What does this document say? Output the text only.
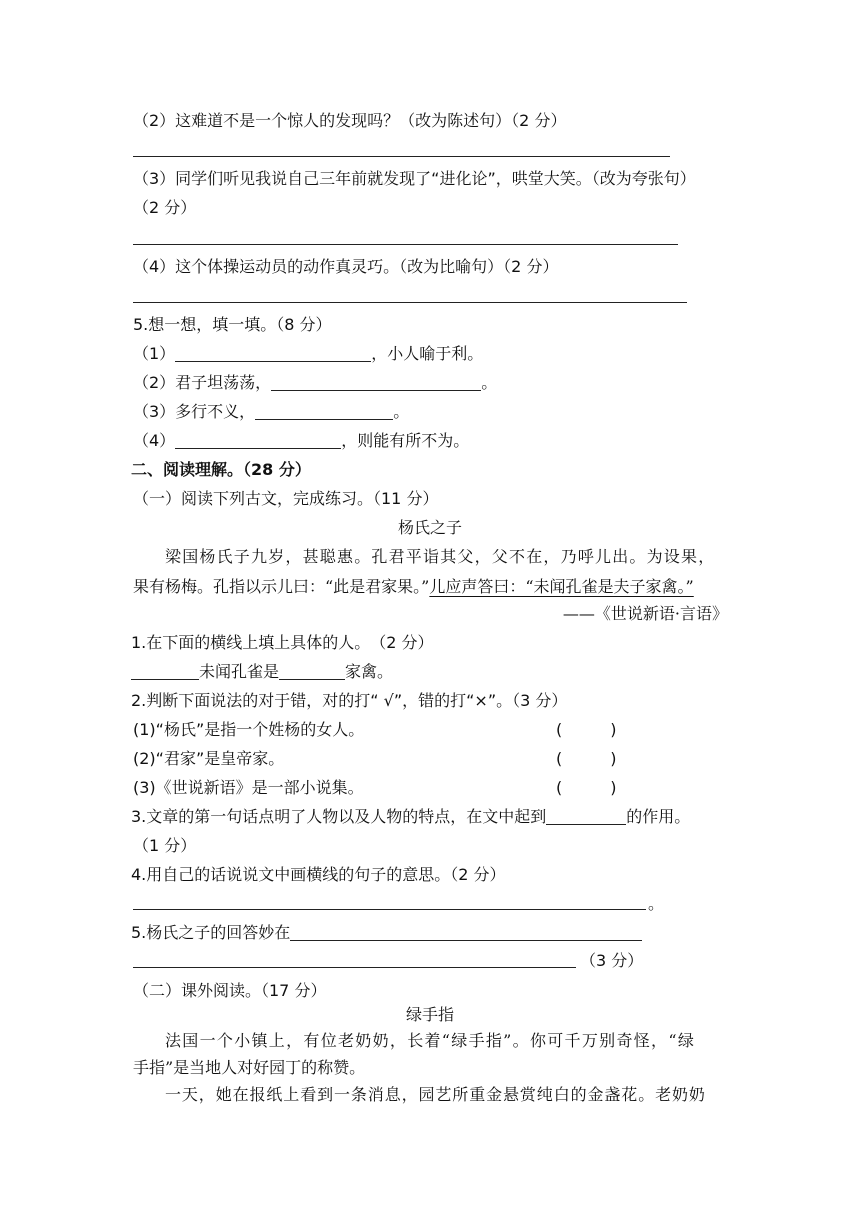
（2）这难道不是一个惊人的发现吗？（改为陈述句）（2 分）
（3）同学们听见我说自己三年前就发现了“进化论”，哄堂大笑。（改为夸张句）
（2 分）
（4）这个体操运动员的动作真灵巧。（改为比喻句）（2 分）
5.想一想，填一填。（8 分）
（1）	，小人喻于利。
（2）君子坦荡荡，	。
（3）多行不义，	。
（4）	，则能有所不为。
二、阅读理解。（28 分）
（一）阅读下列古文，完成练习。（11 分）
杨氏之子
梁国杨氏子九岁，甚聪惠。孔君平诣其父，父不在，乃呼儿出。为设果，
果有杨梅。孔指以示儿曰：“此是君家果。”儿应声答曰：“未闻孔雀是夫子家禽。”
——《世说新语·言语》
1.在下面的横线上填上具体的人。　（2 分）
未闻孔雀是	家禽。
2.判断下面说法的对于错，对的打“ √”，错的打“×”。（3 分）
(1)“杨氏”是指一个姓杨的女人。	(　　　)
(2)“君家”是皇帝家。	(　　　)
(3)《世说新语》是一部小说集。	(　　　)
3.文章的第一句话点明了人物以及人物的特点，在文中起到	的作用。
（1 分）
4.用自己的话说说文中画横线的句子的意思。（2 分）
。
5.杨氏之子的回答妙在
（3 分）
（二）课外阅读。（17 分）
绿手指
法国一个小镇上，有位老奶奶，长着“绿手指”。你可千万别奇怪，“绿
手指”是当地人对好园丁的称赞。
一天，她在报纸上看到一条消息，园艺所重金悬赏纯白的金盏花。老奶奶
